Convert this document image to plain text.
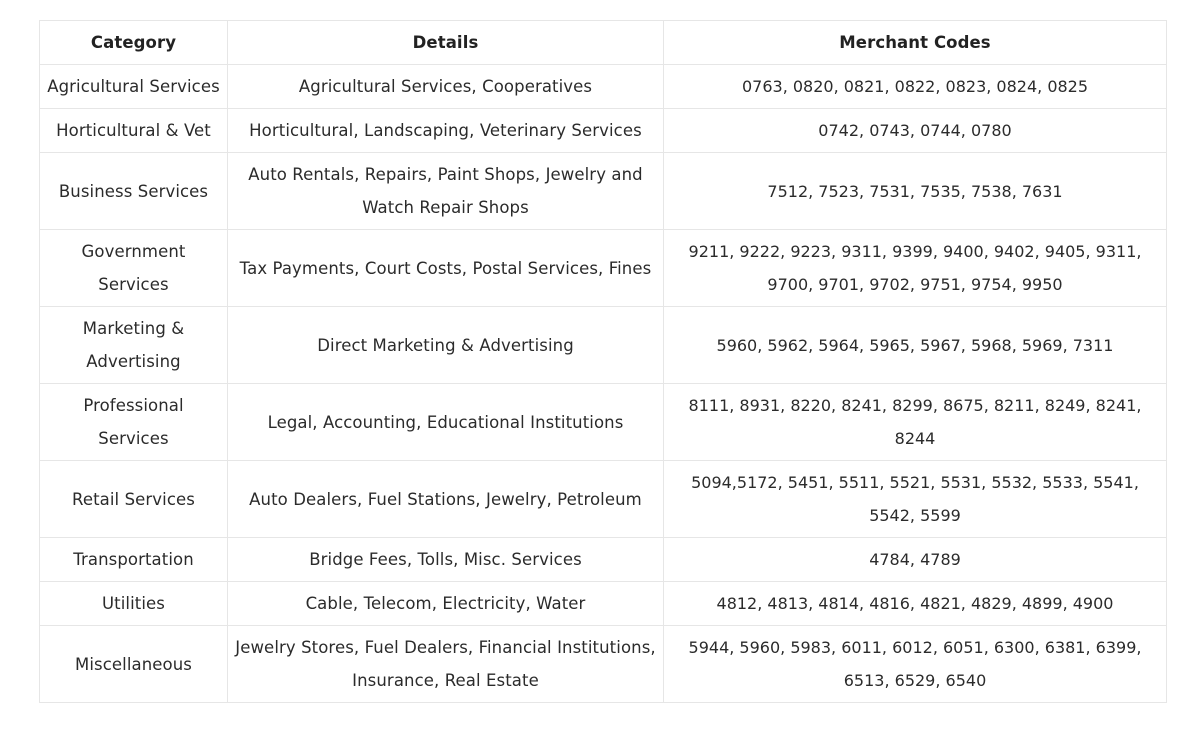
Category	Details	Merchant Codes
Agricultural Services	Agricultural Services, Cooperatives	0763, 0820, 0821, 0822, 0823, 0824, 0825
Horticultural & Vet	Horticultural, Landscaping, Veterinary Services	0742, 0743, 0744, 0780
Business Services	Auto Rentals, Repairs, Paint Shops, Jewelry and Watch Repair Shops	7512, 7523, 7531, 7535, 7538, 7631
Government Services	Tax Payments, Court Costs, Postal Services, Fines	9211, 9222, 9223, 9311, 9399, 9400, 9402, 9405, 9311, 9700, 9701, 9702, 9751, 9754, 9950
Marketing & Advertising	Direct Marketing & Advertising	5960, 5962, 5964, 5965, 5967, 5968, 5969, 7311
Professional Services	Legal, Accounting, Educational Institutions	8111, 8931, 8220, 8241, 8299, 8675, 8211, 8249, 8241, 8244
Retail Services	Auto Dealers, Fuel Stations, Jewelry, Petroleum	5094,5172, 5451, 5511, 5521, 5531, 5532, 5533, 5541, 5542, 5599
Transportation	Bridge Fees, Tolls, Misc. Services	4784, 4789
Utilities	Cable, Telecom, Electricity, Water	4812, 4813, 4814, 4816, 4821, 4829, 4899, 4900
Miscellaneous	Jewelry Stores, Fuel Dealers, Financial Institutions, Insurance, Real Estate	5944, 5960, 5983, 6011, 6012, 6051, 6300, 6381, 6399, 6513, 6529, 6540
